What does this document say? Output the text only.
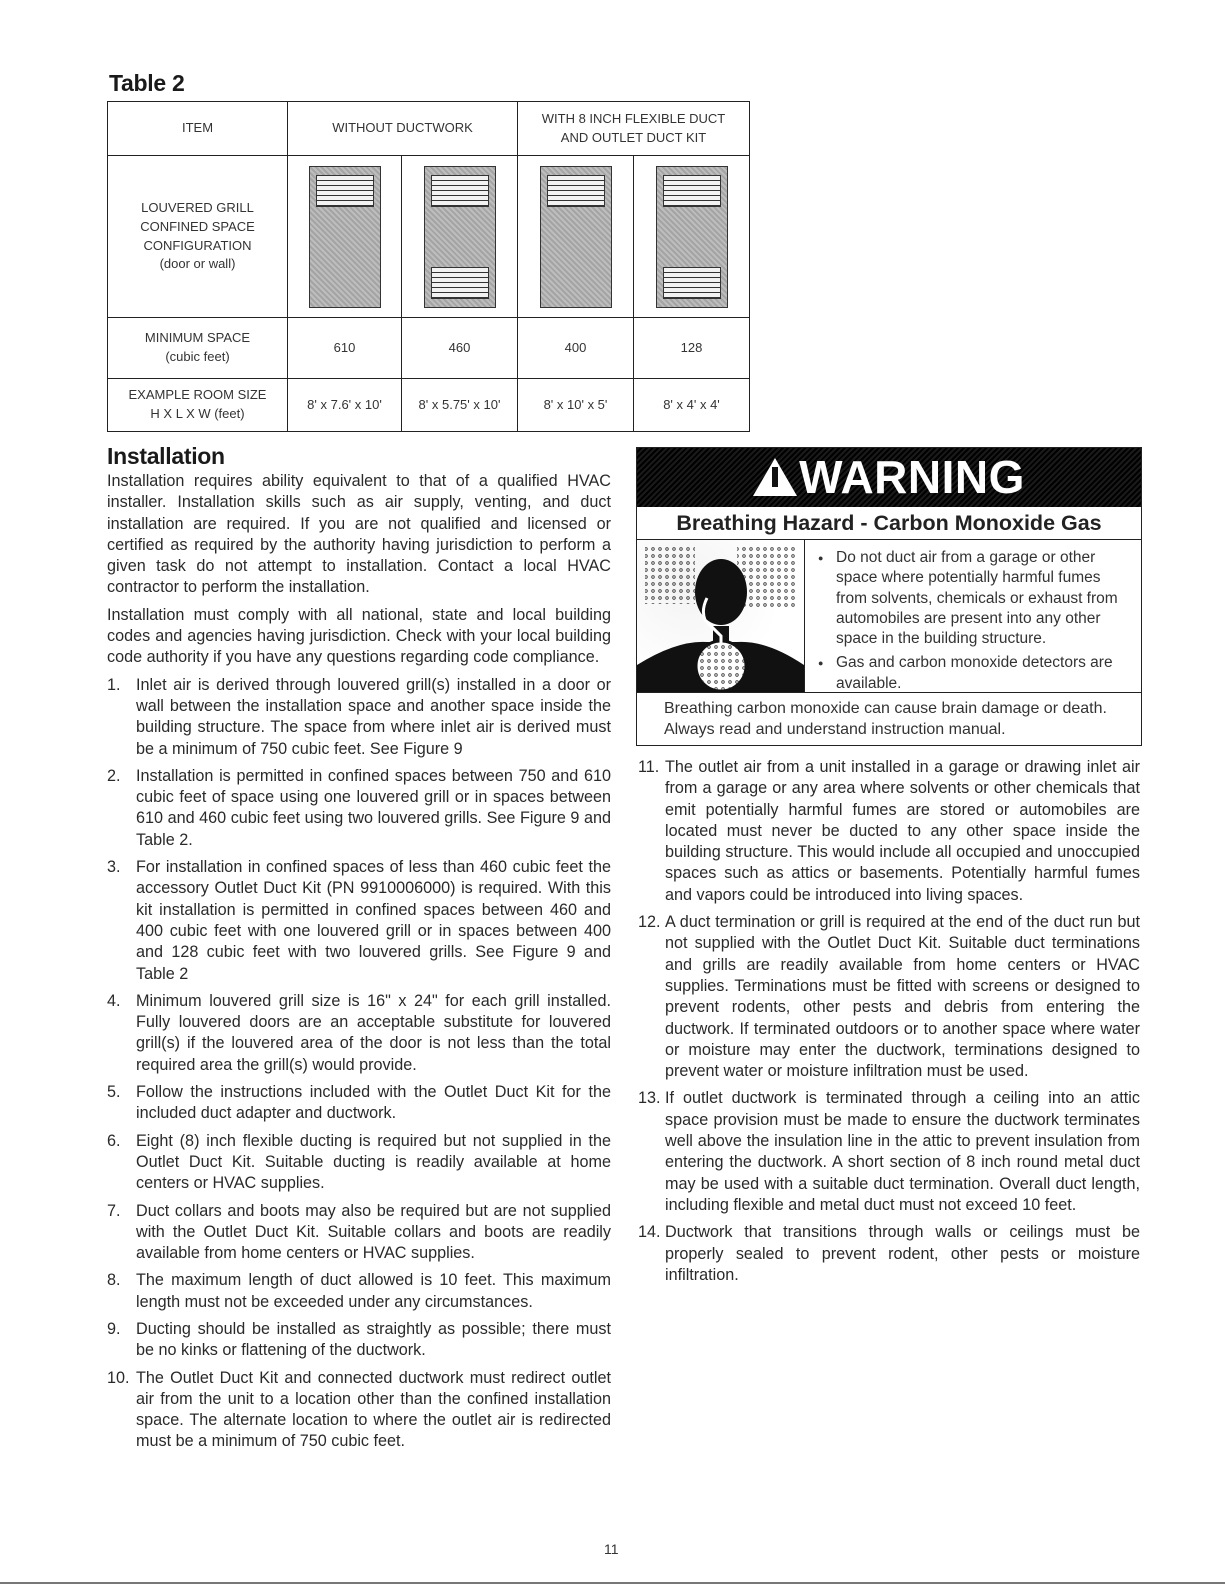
Table 2
ITEM	WITHOUT DUCTWORK		WITH 8 INCH FLEXIBLE DUCT
AND OUTLET DUCT KIT	

LOUVERED GRILL
CONFINED SPACE
CONFIGURATION
(door or wall)				

MINIMUM SPACE
(cubic feet)	610	460	400	128

EXAMPLE ROOM SIZE
H X L X W (feet)	8' x 7.6' x 10'	8' x 5.75' x 10'	8' x 10' x 5'	8' x 4' x 4'
Installation

Installation requires ability equivalent to that of a qualified HVAC installer. Installation skills such as air supply, venting, and duct installation are required. If you are not qualified and licensed or certified as required by the authority having jurisdiction to perform a given task do not attempt to installation. Contact a local HVAC contractor to perform the installation.

Installation must comply with all national, state and local building codes and agencies having jurisdiction. Check with your local building code authority if you have any questions regarding code compliance.

1. Inlet air is derived through louvered grill(s) installed in a door or wall between the installation space and another space inside the building structure. The space from where inlet air is derived must be a minimum of 750 cubic feet. See Figure 9
2. Installation is permitted in confined spaces between 750 and 610 cubic feet of space using one louvered grill or in spaces between 610 and 460 cubic feet using two louvered grills. See Figure 9 and Table 2.
3. For installation in confined spaces of less than 460 cubic feet the accessory Outlet Duct Kit (PN 9910006000) is required. With this kit installation is permitted in confined spaces between 460 and 400 cubic feet with one louvered grill or in spaces between 400 and 128 cubic feet with two louvered grills. See Figure 9 and Table 2
4. Minimum louvered grill size is 16" x 24" for each grill installed. Fully louvered doors are an acceptable substitute for louvered grill(s) if the louvered area of the door is not less than the total required area the grill(s) would provide.
5. Follow the instructions included with the Outlet Duct Kit for the included duct adapter and ductwork.
6. Eight (8) inch flexible ducting is required but not supplied in the Outlet Duct Kit. Suitable ducting is readily available at home centers or HVAC supplies.
7. Duct collars and boots may also be required but are not supplied with the Outlet Duct Kit. Suitable collars and boots are readily available from home centers or HVAC supplies.
8. The maximum length of duct allowed is 10 feet. This maximum length must not be exceeded under any circumstances.
9. Ducting should be installed as straightly as possible; there must be no kinks or flattening of the ductwork.
10. The Outlet Duct Kit and connected ductwork must redirect outlet air from the unit to a location other than the confined installation space. The alternate location to where the outlet air is redirected must be a minimum of 750 cubic feet.
WARNING
Breathing Hazard - Carbon Monoxide Gas
● Do not duct air from a garage or other space where potentially harmful fumes from solvents, chemicals or exhaust from automobiles are present into any other space in the building structure.
● Gas and carbon monoxide detectors are available.
Breathing carbon monoxide can cause brain damage or death. Always read and understand instruction manual.
11. The outlet air from a unit installed in a garage or drawing inlet air from a garage or any area where solvents or other chemicals that emit potentially harmful fumes are stored or automobiles are located must never be ducted to any other space inside the building structure. This would include all occupied and unoccupied spaces such as attics or basements. Potentially harmful fumes and vapors could be introduced into living spaces.
12. A duct termination or grill is required at the end of the duct run but not supplied with the Outlet Duct Kit. Suitable duct terminations and grills are readily available from home centers or HVAC supplies. Terminations must be fitted with screens or designed to prevent rodents, other pests and debris from entering the ductwork. If terminated outdoors or to another space where water or moisture may enter the ductwork, terminations designed to prevent water or moisture infiltration must be used.
13. If outlet ductwork is terminated through a ceiling into an attic space provision must be made to ensure the ductwork terminates well above the insulation line in the attic to prevent insulation from entering the ductwork. A short section of 8 inch round metal duct may be used with a suitable duct termination. Overall duct length, including flexible and metal duct must not exceed 10 feet.
14. Ductwork that transitions through walls or ceilings must be properly sealed to prevent rodent, other pests or moisture infiltration.
11
